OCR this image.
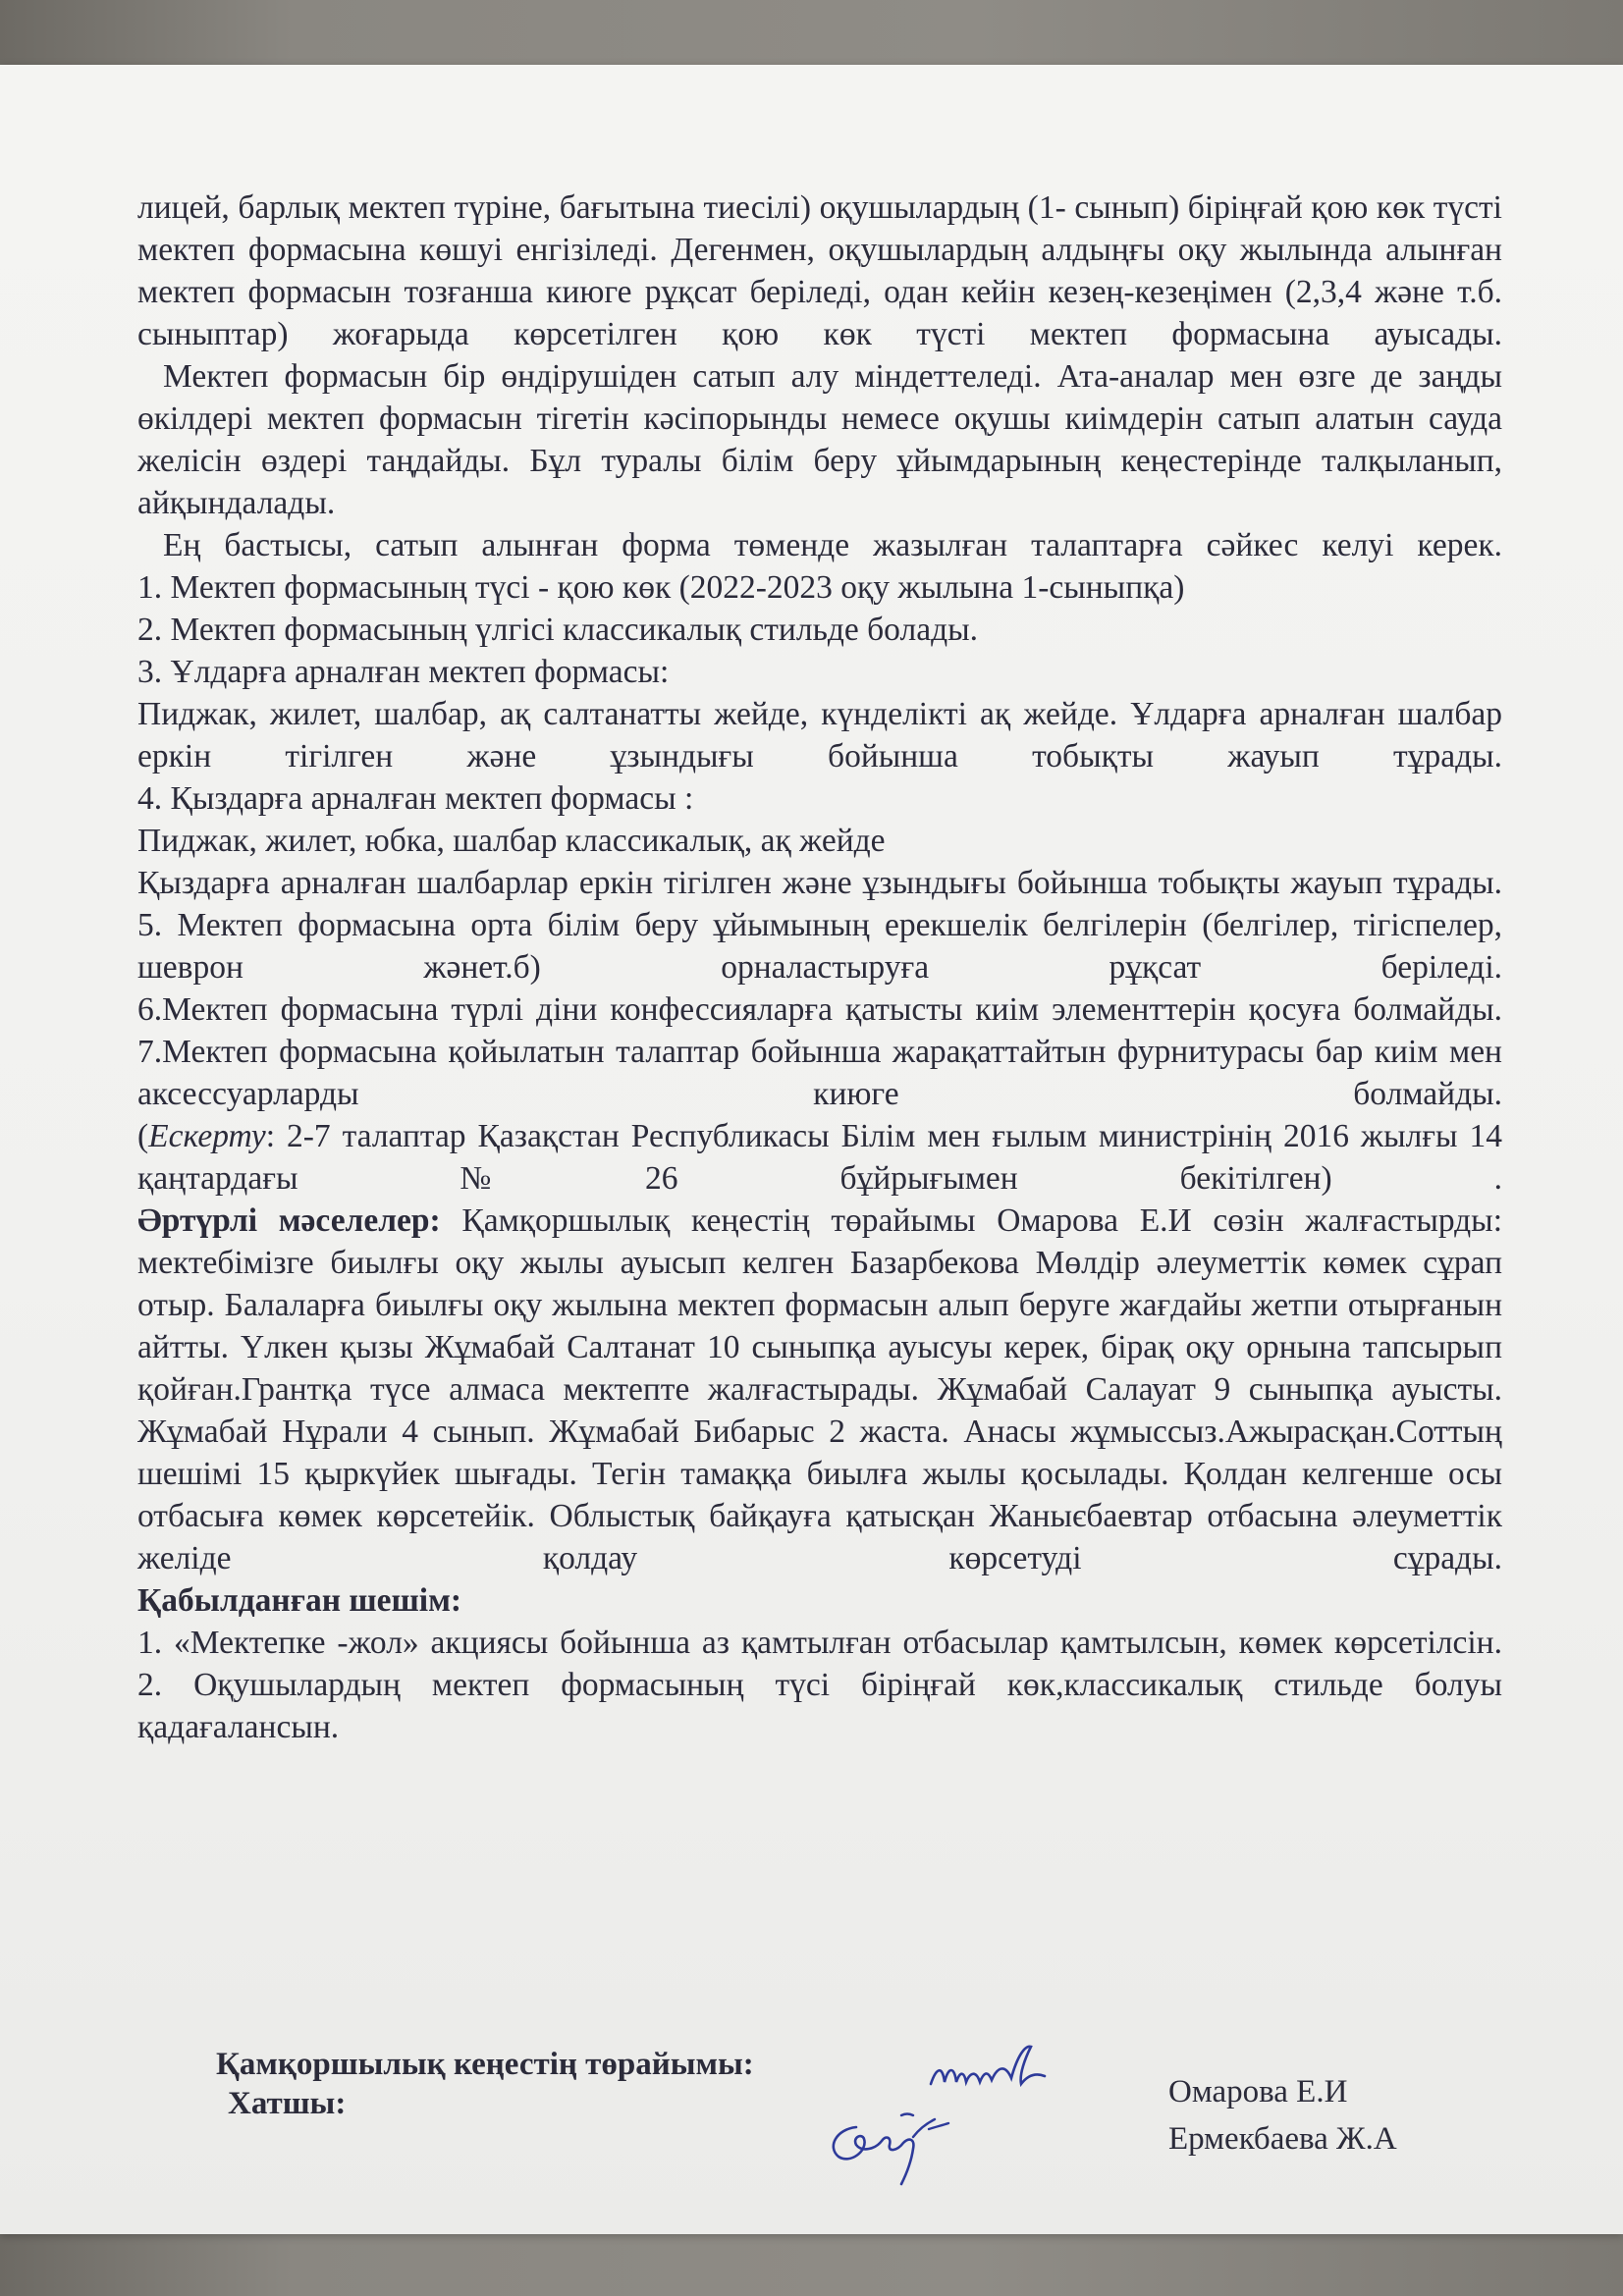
лицей, барлық мектеп түріне, бағытына тиесілі) оқушылардың (1- сынып) біріңғай қою көк түсті мектеп формасына көшуі енгізіледі. Дегенмен, оқушылардың алдыңғы оқу жылында алынған мектеп формасын тозғанша киюге рұқсат беріледі, одан кейін кезең-кезеңімен (2,3,4 және т.б. сыныптар) жоғарыда көрсетілген қою көк түсті мектеп формасына ауысады.

Мектеп формасын бір өндірушіден сатып алу міндеттеледі. Ата-аналар мен өзге де заңды өкілдері мектеп формасын тігетін кәсіпорынды немесе оқушы киімдерін сатып алатын сауда желісін өздері таңдайды. Бұл туралы білім беру ұйымдарының кеңестерінде талқыланып, айқындалады.

Ең бастысы, сатып алынған форма төменде жазылған талаптарға сәйкес келуі керек.

1. Мектеп формасының түсі - қою көк (2022-2023 оқу жылына 1-сыныпқа)

2. Мектеп формасының үлгісі классикалық стильде болады.

3. Ұлдарға арналған мектеп формасы:

Пиджак, жилет, шалбар, ақ салтанатты жейде, күнделікті ақ жейде. Ұлдарға арналған шалбар еркін тігілген және ұзындығы бойынша тобықты жауып тұрады.

4. Қыздарға арналған мектеп формасы :

Пиджак, жилет, юбка, шалбар классикалық, ақ жейде

Қыздарға арналған шалбарлар еркін тігілген және ұзындығы бойынша тобықты жауып тұрады.

5. Мектеп формасына орта білім беру ұйымының ерекшелік белгілерін (белгілер, тігіспелер, шеврон жәнет.б) орналастыруға рұқсат беріледі.

6.Мектеп формасына түрлі діни конфессияларға қатысты киім элементтерін қосуға болмайды.

7.Мектеп формасына қойылатын талаптар бойынша жарақаттайтын фурнитурасы бар киім мен аксессуарларды киюге болмайды.

(Ескерту: 2-7 талаптар Қазақстан Республикасы Білім мен ғылым министрінің 2016 жылғы 14 қаңтардағы №26 бұйрығымен бекітілген) .

Әртүрлі мәселелер: Қамқоршылық кеңестің төрайымы Омарова Е.И сөзін жалғастырды: мектебімізге биылғы оқу жылы ауысып келген Базарбекова Мөлдір әлеуметтік көмек сұрап отыр. Балаларға биылғы оқу жылына мектеп формасын алып беруге жағдайы жетпи отырғанын айтты. Үлкен қызы Жұмабай Салтанат 10 сыныпқа ауысуы керек, бірақ оқу орнына тапсырып қойған.Грантқа түсе алмаса мектепте жалғастырады. Жұмабай Салауат 9 сыныпқа ауысты. Жұмабай Нұрали 4 сынып. Жұмабай Бибарыс 2 жаста. Анасы жұмыссыз.Ажырасқан.Соттың шешімі 15 қыркүйек шығады. Тегін тамаққа биылға жылы қосылады. Қолдан келгенше осы отбасыға көмек көрсетейік. Облыстық байқауға қатысқан Жаныєбаевтар отбасына әлеуметтік желіде қолдау көрсетуді сұрады.

Қабылданған шешім:

1. «Мектепке -жол» акциясы бойынша аз қамтылған отбасылар қамтылсын, көмек көрсетілсін.

2. Оқушылардың мектеп формасының түсі біріңғай көк,классикалық стильде болуы қадағалансын.

Қамқоршылық кеңестің төрайымы:
Хатшы:	Омарова Е.И
Ермекбаева Ж.А
